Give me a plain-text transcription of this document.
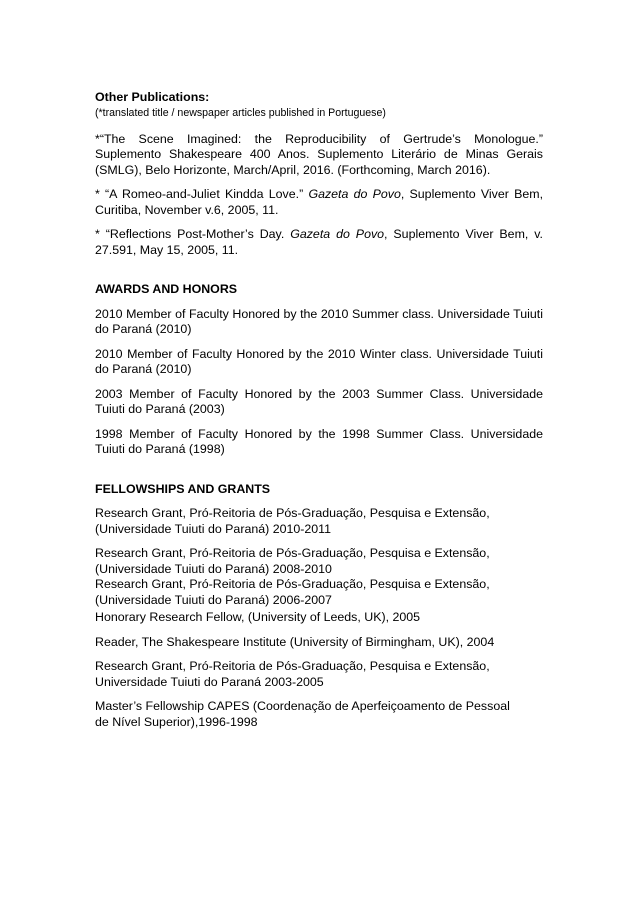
Other Publications:

(*translated title / newspaper articles published in Portuguese)

*“The Scene Imagined: the Reproducibility of Gertrude’s Monologue.” Suplemento Shakespeare 400 Anos. Suplemento Literário de Minas Gerais (SMLG), Belo Horizonte, March/April, 2016. (Forthcoming, March 2016).

* “A Romeo-and-Juliet Kindda Love.” Gazeta do Povo, Suplemento Viver Bem, Curitiba, November v.6, 2005, 11.

* “Reflections Post-Mother’s Day. Gazeta do Povo, Suplemento Viver Bem, v. 27.591, May 15, 2005, 11.

AWARDS AND HONORS

2010 Member of Faculty Honored by the 2010 Summer class. Universidade Tuiuti do Paraná (2010)

2010 Member of Faculty Honored by the 2010 Winter class. Universidade Tuiuti do Paraná (2010)

2003 Member of Faculty Honored by the 2003 Summer Class. Universidade Tuiuti do Paraná (2003)

1998 Member of Faculty Honored by the 1998 Summer Class. Universidade Tuiuti do Paraná (1998)

FELLOWSHIPS AND GRANTS

Research Grant, Pró-Reitoria de Pós-Graduação, Pesquisa e Extensão,

(Universidade Tuiuti do Paraná) 2010-2011

Research Grant, Pró-Reitoria de Pós-Graduação, Pesquisa e Extensão,

(Universidade Tuiuti do Paraná) 2008-2010

Research Grant, Pró-Reitoria de Pós-Graduação, Pesquisa e Extensão,

(Universidade Tuiuti do Paraná) 2006-2007

Honorary Research Fellow, (University of Leeds, UK), 2005

Reader, The Shakespeare Institute (University of Birmingham, UK), 2004

Research Grant, Pró-Reitoria de Pós-Graduação, Pesquisa e Extensão,

Universidade Tuiuti do Paraná 2003-2005

Master’s Fellowship CAPES (Coordenação de Aperfeiçoamento de Pessoal

de Nível Superior),1996-1998
